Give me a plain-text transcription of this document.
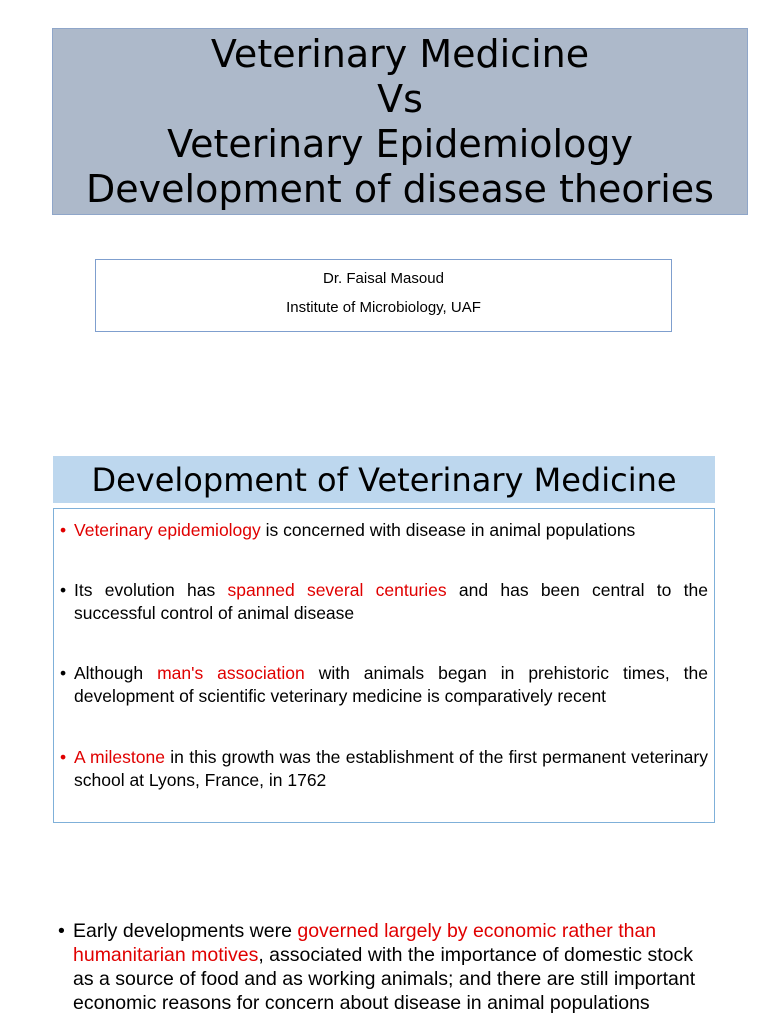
Veterinary Medicine
Vs
Veterinary Epidemiology
Development of disease theories
Dr. Faisal Masoud
Institute of Microbiology, UAF
Development of Veterinary Medicine
• Veterinary epidemiology is concerned with disease in animal populations
• Its evolution has spanned several centuries and has been central to the successful control of animal disease
• Although man's association with animals began in prehistoric times, the development of scientific veterinary medicine is comparatively recent
• A milestone in this growth was the establishment of the first permanent veterinary school at Lyons, France, in 1762
• Early developments were governed largely by economic rather than humanitarian motives, associated with the importance of domestic stock as a source of food and as working animals; and there are still important economic reasons for concern about disease in animal populations
